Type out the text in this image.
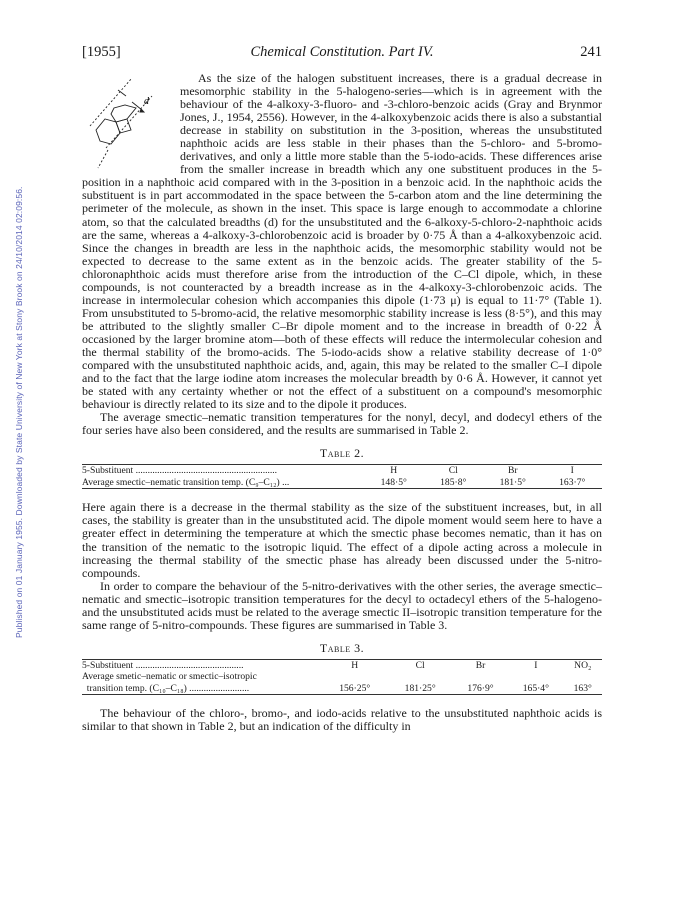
Published on 01 January 1955. Downloaded by State University of New York at Stony Brook on 24/10/2014 02:09:56.
[1955]	Chemical Constitution. Part IV.	241

d
As the size of the halogen substituent increases, there is a gradual decrease in mesomorphic stability in the 5-halogeno-series—which is in agreement with the behaviour of the 4-alkoxy-3-fluoro- and -3-chloro-benzoic acids (Gray and Brynmor Jones, J., 1954, 2556). However, in the 4-alkoxybenzoic acids there is also a substantial decrease in stability on substitution in the 3-position, whereas the unsubstituted naphthoic acids are less stable in their phases than the 5-chloro- and 5-bromo-derivatives, and only a little more stable than the 5-iodo-acids. These differences arise from the smaller increase in breadth which any one substituent produces in the 5-position in a naphthoic acid compared with in the 3-position in a benzoic acid. In the naphthoic acids the substituent is in part accommodated in the space between the 5-carbon atom and the line determining the perimeter of the molecule, as shown in the inset. This space is large enough to accommodate a chlorine atom, so that the calculated breadths (d) for the unsubstituted and the 6-alkoxy-5-chloro-2-naphthoic acids are the same, whereas a 4-alkoxy-3-chlorobenzoic acid is broader by 0·75 Å than a 4-alkoxybenzoic acid. Since the changes in breadth are less in the naphthoic acids, the mesomorphic stability would not be expected to decrease to the same extent as in the benzoic acids. The greater stability of the 5-chloronaphthoic acids must therefore arise from the introduction of the C–Cl dipole, which, in these compounds, is not counteracted by a breadth increase as in the 4-alkoxy-3-chlorobenzoic acids. The increase in intermolecular cohesion which accompanies this dipole (1·73 μ) is equal to 11·7° (Table 1). From unsubstituted to 5-bromo-acid, the relative mesomorphic stability increase is less (8·5°), and this may be attributed to the slightly smaller C–Br dipole moment and to the increase in breadth of 0·22 Å occasioned by the larger bromine atom—both of these effects will reduce the intermolecular cohesion and the thermal stability of the bromo-acids. The 5-iodo-acids show a relative stability decrease of 1·0° compared with the unsubstituted naphthoic acids, and, again, this may be related to the smaller C–I dipole and to the fact that the large iodine atom increases the molecular breadth by 0·6 Å. However, it cannot yet be stated with any certainty whether or not the effect of a substituent on a compound's mesomorphic behaviour is directly related to its size and to the dipole it produces.

The average smectic–nematic transition temperatures for the nonyl, decyl, and dodecyl ethers of the four series have also been considered, and the results are summarised in Table 2.

Table 2.
5-Substituent ...........................................................	H	Cl	Br	I
Average smectic–nematic transition temp. (C₉–C₁₂) ...	148·5°	185·8°	181·5°	163·7°

Here again there is a decrease in the thermal stability as the size of the substituent increases, but, in all cases, the stability is greater than in the unsubstituted acid. The dipole moment would seem here to have a greater effect in determining the temperature at which the smectic phase becomes nematic, than it has on the transition of the nematic to the isotropic liquid. The effect of a dipole acting across a molecule in increasing the thermal stability of the smectic phase has already been discussed under the 5-nitro-compounds.

In order to compare the behaviour of the 5-nitro-derivatives with the other series, the average smectic–nematic and smectic–isotropic transition temperatures for the decyl to octadecyl ethers of the 5-halogeno- and the unsubstituted acids must be related to the average smectic II–isotropic transition temperature for the same range of 5-nitro-compounds. These figures are summarised in Table 3.

Table 3.
5-Substituent .............................................	H	Cl	Br	I	NO₂
Average smetic–nematic or smectic–isotropic					
transition temp. (C₁₀–C₁₈) .........................	156·25°	181·25°	176·9°	165·4°	163°

The behaviour of the chloro-, bromo-, and iodo-acids relative to the unsubstituted naphthoic acids is similar to that shown in Table 2, but an indication of the difficulty in
